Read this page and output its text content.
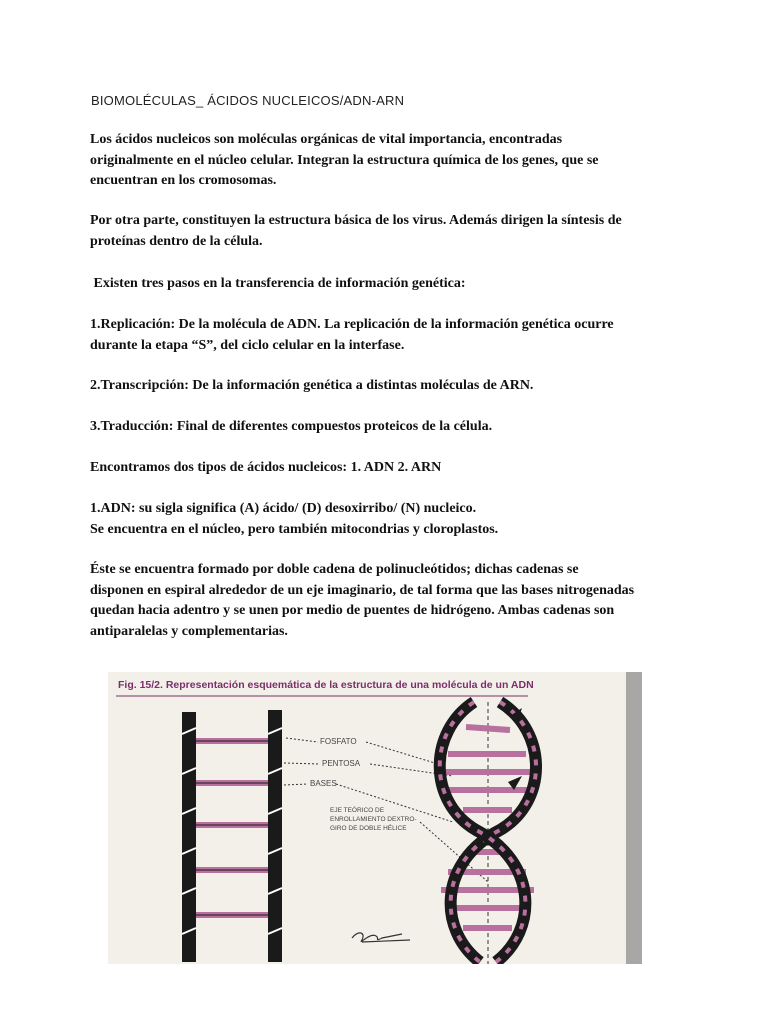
BIOMOLÉCULAS_ ÁCIDOS NUCLEICOS/ADN-ARN
Los ácidos nucleicos son moléculas orgánicas de vital importancia, encontradas
originalmente en el núcleo celular. Integran la estructura química de los genes, que se
encuentran en los cromosomas.
Por otra parte, constituyen la estructura básica de los virus. Además dirigen la síntesis de
proteínas dentro de la célula.
Existen tres pasos en la transferencia de información genética:
1.Replicación: De la molécula de ADN. La replicación de la información genética ocurre
durante la etapa “S”, del ciclo celular en la interfase.
2.Transcripción: De la información genética a distintas moléculas de ARN.
3.Traducción: Final de diferentes compuestos proteicos de la célula.
Encontramos dos tipos de ácidos nucleicos: 1. ADN 2. ARN
1.ADN: su sigla significa (A) ácido/ (D) desoxirribo/ (N) nucleico.
Se encuentra en el núcleo, pero también mitocondrias y cloroplastos.
Éste se encuentra formado por doble cadena de polinucleótidos; dichas cadenas se
disponen en espiral alrededor de un eje imaginario, de tal forma que las bases nitrogenadas
quedan hacia adentro y se unen por medio de puentes de hidrógeno. Ambas cadenas son
antiparalelas y complementarias.
Fig. 15/2. Representación esquemática de la estructura de una molécula de un ADN
FOSFATO
PENTOSA
BASES
EJE TEÓRICO DE
ENROLLAMIENTO DEXTRO-
GIRO DE DOBLE HÉLICE
